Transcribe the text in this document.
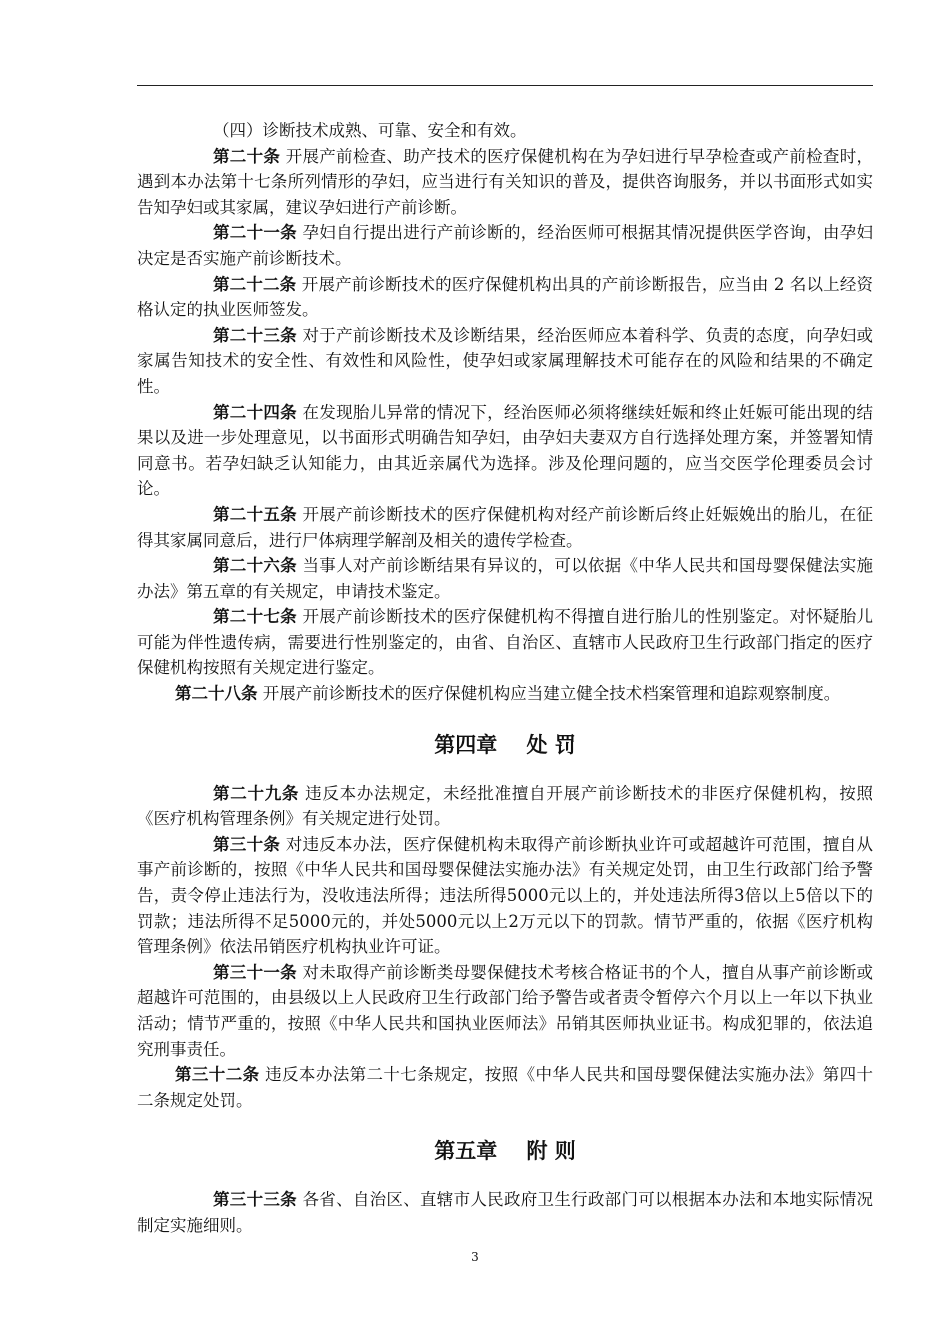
（四）诊断技术成熟、可靠、安全和有效。

第二十条 开展产前检查、助产技术的医疗保健机构在为孕妇进行早孕检查或产前检查时，遇到本办法第十七条所列情形的孕妇，应当进行有关知识的普及，提供咨询服务，并以书面形式如实告知孕妇或其家属，建议孕妇进行产前诊断。

第二十一条 孕妇自行提出进行产前诊断的，经治医师可根据其情况提供医学咨询，由孕妇决定是否实施产前诊断技术。

第二十二条 开展产前诊断技术的医疗保健机构出具的产前诊断报告，应当由 2 名以上经资格认定的执业医师签发。

第二十三条 对于产前诊断技术及诊断结果，经治医师应本着科学、负责的态度，向孕妇或家属告知技术的安全性、有效性和风险性，使孕妇或家属理解技术可能存在的风险和结果的不确定性。

第二十四条 在发现胎儿异常的情况下，经治医师必须将继续妊娠和终止妊娠可能出现的结果以及进一步处理意见，以书面形式明确告知孕妇，由孕妇夫妻双方自行选择处理方案，并签署知情同意书。若孕妇缺乏认知能力，由其近亲属代为选择。涉及伦理问题的，应当交医学伦理委员会讨论。

第二十五条 开展产前诊断技术的医疗保健机构对经产前诊断后终止妊娠娩出的胎儿，在征得其家属同意后，进行尸体病理学解剖及相关的遗传学检查。

第二十六条 当事人对产前诊断结果有异议的，可以依据《中华人民共和国母婴保健法实施办法》第五章的有关规定，申请技术鉴定。

第二十七条 开展产前诊断技术的医疗保健机构不得擅自进行胎儿的性别鉴定。对怀疑胎儿可能为伴性遗传病，需要进行性别鉴定的，由省、自治区、直辖市人民政府卫生行政部门指定的医疗保健机构按照有关规定进行鉴定。

第二十八条 开展产前诊断技术的医疗保健机构应当建立健全技术档案管理和追踪观察制度。

第四章    处 罚

第二十九条 违反本办法规定，未经批准擅自开展产前诊断技术的非医疗保健机构，按照《医疗机构管理条例》有关规定进行处罚。

第三十条 对违反本办法，医疗保健机构未取得产前诊断执业许可或超越许可范围，擅自从事产前诊断的，按照《中华人民共和国母婴保健法实施办法》有关规定处罚，由卫生行政部门给予警告，责令停止违法行为，没收违法所得；违法所得5000元以上的，并处违法所得3倍以上5倍以下的罚款；违法所得不足5000元的，并处5000元以上2万元以下的罚款。情节严重的，依据《医疗机构管理条例》依法吊销医疗机构执业许可证。

第三十一条 对未取得产前诊断类母婴保健技术考核合格证书的个人，擅自从事产前诊断或超越许可范围的，由县级以上人民政府卫生行政部门给予警告或者责令暂停六个月以上一年以下执业活动；情节严重的，按照《中华人民共和国执业医师法》吊销其医师执业证书。构成犯罪的，依法追究刑事责任。

第三十二条 违反本办法第二十七条规定，按照《中华人民共和国母婴保健法实施办法》第四十二条规定处罚。

第五章    附 则

第三十三条 各省、自治区、直辖市人民政府卫生行政部门可以根据本办法和本地实际情况制定实施细则。

3
